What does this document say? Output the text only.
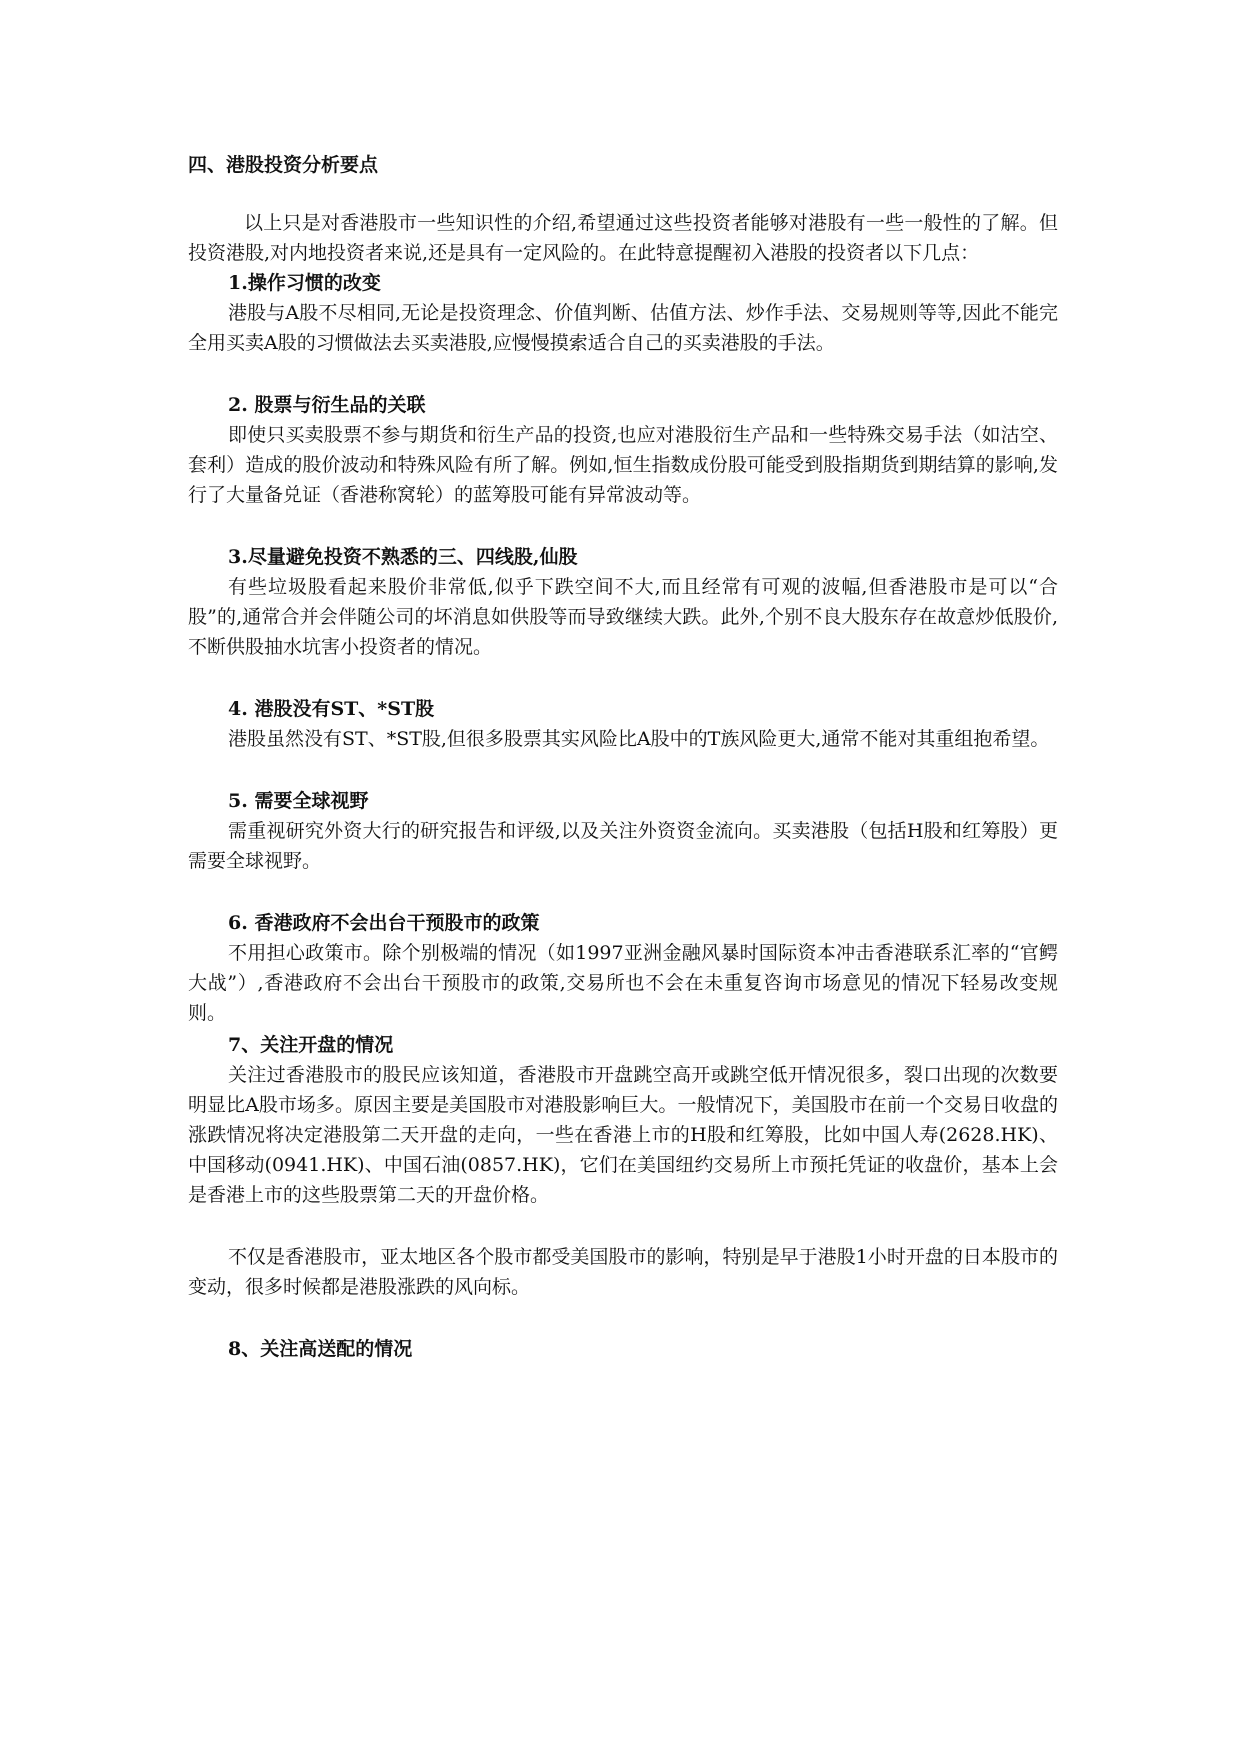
四、港股投资分析要点

以上只是对香港股市一些知识性的介绍,希望通过这些投资者能够对港股有一些一般性的了解。但投资港股,对内地投资者来说,还是具有一定风险的。在此特意提醒初入港股的投资者以下几点：

1.操作习惯的改变

港股与A股不尽相同,无论是投资理念、价值判断、估值方法、炒作手法、交易规则等等,因此不能完全用买卖A股的习惯做法去买卖港股,应慢慢摸索适合自己的买卖港股的手法。

2. 股票与衍生品的关联

即使只买卖股票不参与期货和衍生产品的投资,也应对港股衍生产品和一些特殊交易手法（如沽空、套利）造成的股价波动和特殊风险有所了解。例如,恒生指数成份股可能受到股指期货到期结算的影响,发行了大量备兑证（香港称窝轮）的蓝筹股可能有异常波动等。

3.尽量避免投资不熟悉的三、四线股,仙股

有些垃圾股看起来股价非常低,似乎下跌空间不大,而且经常有可观的波幅,但香港股市是可以“合股”的,通常合并会伴随公司的坏消息如供股等而导致继续大跌。此外,个别不良大股东存在故意炒低股价,不断供股抽水坑害小投资者的情况。

4. 港股没有ST、*ST股

港股虽然没有ST、*ST股,但很多股票其实风险比A股中的T族风险更大,通常不能对其重组抱希望。

5. 需要全球视野

需重视研究外资大行的研究报告和评级,以及关注外资资金流向。买卖港股（包括H股和红筹股）更需要全球视野。

6. 香港政府不会出台干预股市的政策

不用担心政策市。除个别极端的情况（如1997亚洲金融风暴时国际资本冲击香港联系汇率的“官鳄大战”）,香港政府不会出台干预股市的政策,交易所也不会在未重复咨询市场意见的情况下轻易改变规则。

7、关注开盘的情况

关注过香港股市的股民应该知道，香港股市开盘跳空高开或跳空低开情况很多，裂口出现的次数要明显比A股市场多。原因主要是美国股市对港股影响巨大。一般情况下，美国股市在前一个交易日收盘的涨跌情况将决定港股第二天开盘的走向，一些在香港上市的H股和红筹股，比如中国人寿(2628.HK)、中国移动(0941.HK)、中国石油(0857.HK)，它们在美国纽约交易所上市预托凭证的收盘价，基本上会是香港上市的这些股票第二天的开盘价格。

不仅是香港股市，亚太地区各个股市都受美国股市的影响，特别是早于港股1小时开盘的日本股市的变动，很多时候都是港股涨跌的风向标。

8、关注高送配的情况
